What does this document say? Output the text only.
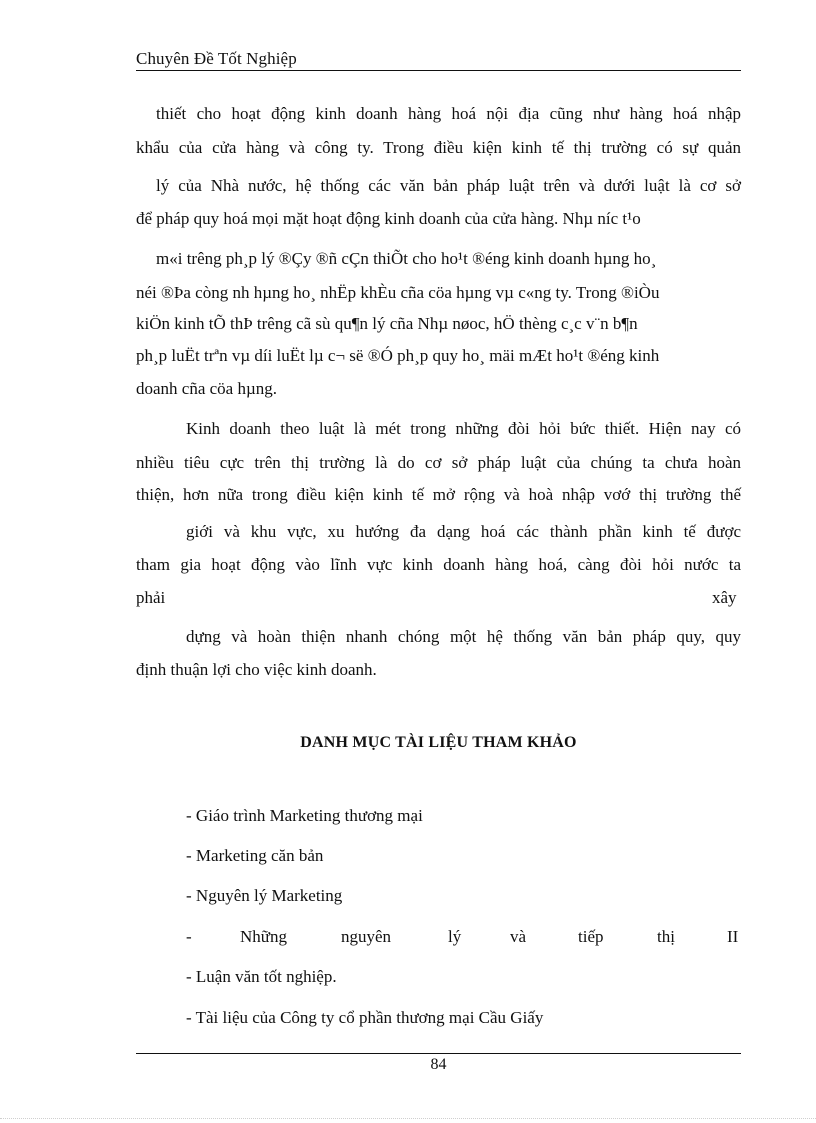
Chuyên Đề Tốt Nghiệp
thiết cho hoạt động kinh doanh hàng hoá nội địa cũng như hàng hoá nhập
khẩu của cửa hàng và công ty. Trong điều kiện kinh tế thị trường có sự quản
lý của Nhà nước, hệ thống các văn bản pháp luật trên và dưới luật là cơ sở
để pháp quy hoá mọi mặt hoạt động kinh doanh của cửa hàng. Nhµ níc t¹o
m«i trêng ph¸p lý ®Çy ®ñ cÇn thiÕt cho ho¹t ®éng kinh doanh hµng ho¸
néi ®Þa còng nh hµng ho¸ nhËp khÈu cña cöa hµng vµ c«ng ty. Trong ®iÒu
kiÖn kinh tÕ thÞ trêng cã sù qu¶n lý cña Nhµ nøoc, hÖ thèng c¸c v¨n b¶n
ph¸p luËt trªn vµ díi luËt lµ c¬ së ®Ó ph¸p quy ho¸ mäi mÆt ho¹t ®éng kinh
doanh cña cöa hµng.
Kinh doanh theo luật là mét trong những đòi hỏi bức thiết. Hiện nay có
nhiều tiêu cực trên thị trường là do cơ sở pháp luật của chúng ta chưa hoàn
thiện, hơn nữa trong điều kiện kinh tế mở rộng và hoà nhập vơớ thị trường thế
giới và khu vực, xu hướng đa dạng hoá các thành phần kinh tế được
tham gia hoạt động vào lĩnh vực kinh doanh hàng hoá, càng đòi hỏi nước ta
phải	xây
dựng và hoàn thiện nhanh chóng một hệ thống văn bản pháp quy, quy
định thuận lợi cho việc kinh doanh.
DANH MỤC TÀI LIỆU THAM KHẢO
- Giáo trình Marketing thương mại
- Marketing căn bản
- Nguyên lý Marketing
-	Những	nguyên	lý	và	tiếp	thị	II
- Luận văn tốt nghiệp.
- Tài liệu của Công ty cổ phần thương mại Cầu Giấy
84
